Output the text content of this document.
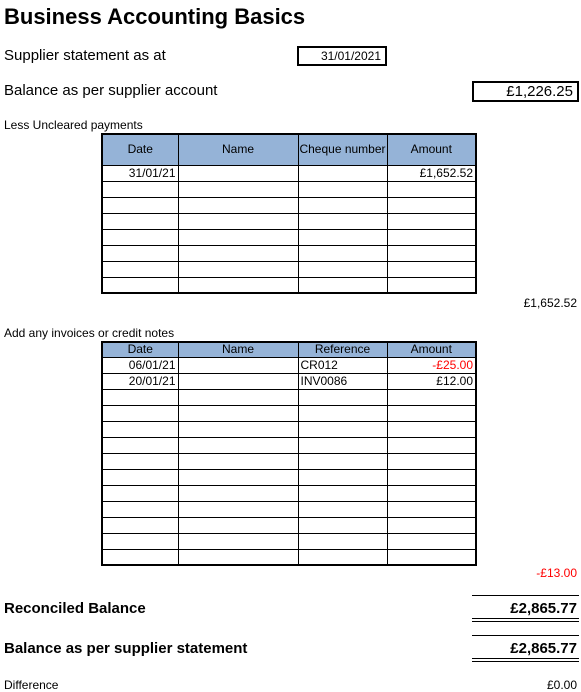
Business Accounting Basics
Supplier statement as at	31/01/2021
Balance as per supplier account	£1,226.25
Less Uncleared payments
Date	Name	Cheque number	Amount
31/01/21			£1,652.52

£1,652.52
Add any invoices or credit notes
Date	Name	Reference	Amount
06/01/21		CR012	-£25.00
20/01/21		INV0086	£12.00

-£13.00
Reconciled Balance	£2,865.77
Balance as per supplier statement	£2,865.77
Difference	£0.00
